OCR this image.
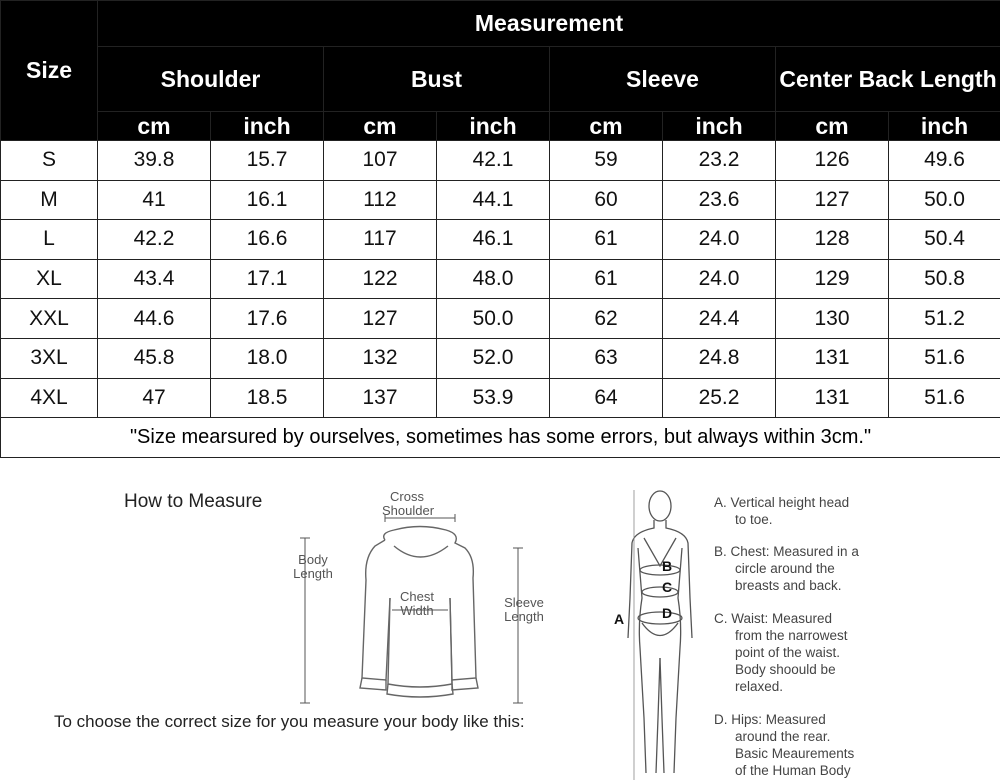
Size	Measurement							
	Shoulder		Bust		Sleeve		Center Back Length	
	cm	inch	cm	inch	cm	inch	cm	inch
S	39.8	15.7	107	42.1	59	23.2	126	49.6
M	41	16.1	112	44.1	60	23.6	127	50.0
L	42.2	16.6	117	46.1	61	24.0	128	50.4
XL	43.4	17.1	122	48.0	61	24.0	129	50.8
XXL	44.6	17.6	127	50.0	62	24.4	130	51.2
3XL	45.8	18.0	132	52.0	63	24.8	131	51.6
4XL	47	18.5	137	53.9	64	25.2	131	51.6
"Size mearsured by ourselves, sometimes has some errors, but always within 3cm."								
How to Measure	Cross Shoulder
Body Length
Chest Width
Sleeve Length
To choose the correct size for you measure your body like this:
A
B
C
D
A. Vertical height head
to toe.
B. Chest: Measured in a
circle around the
breasts and back.
C. Waist: Measured
from the narrowest
point of the waist.
Body shoould be
relaxed.
D. Hips: Measured
around the rear.
Basic Meaurements
of the Human Body
